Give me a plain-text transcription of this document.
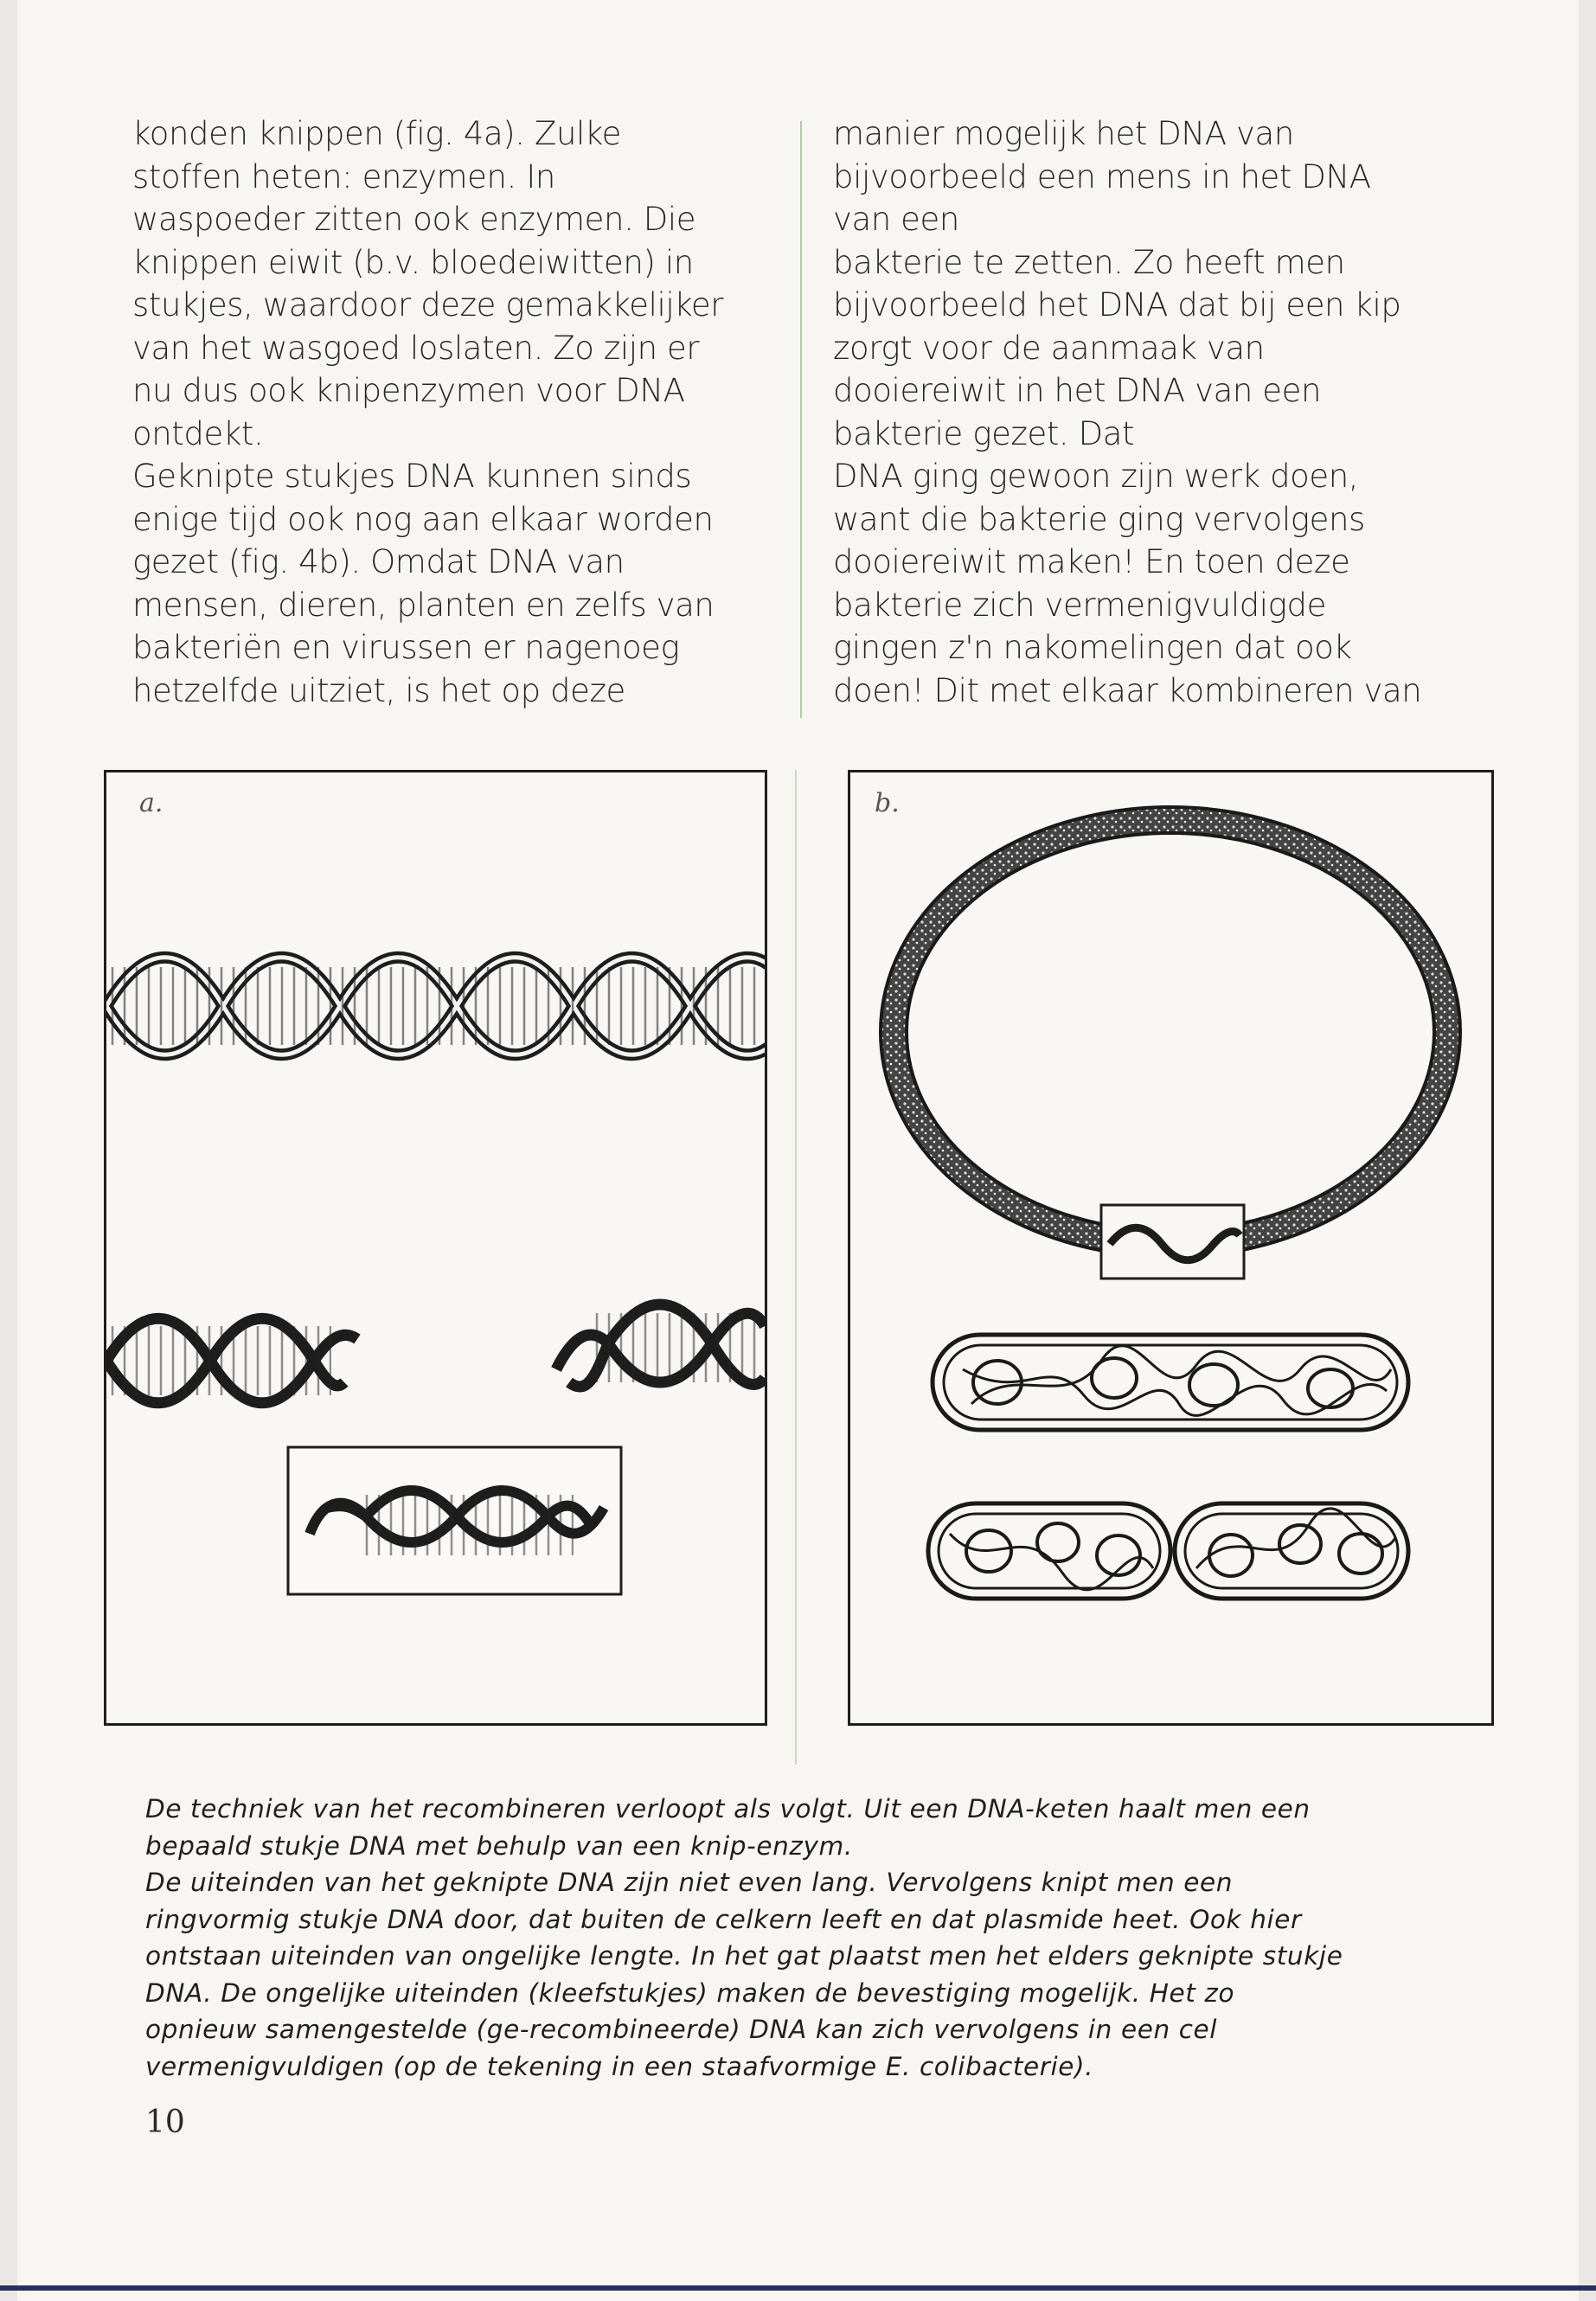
konden knippen (fig. 4a). Zulke

stoffen heten: enzymen. In

waspoeder zitten ook enzymen. Die

knippen eiwit (b.v. bloedeiwitten) in

stukjes, waardoor deze gemakkelijker

van het wasgoed loslaten. Zo zijn er

nu dus ook knipenzymen voor DNA

ontdekt.

Geknipte stukjes DNA kunnen sinds

enige tijd ook nog aan elkaar worden

gezet (fig. 4b). Omdat DNA van

mensen, dieren, planten en zelfs van

bakteriën en virussen er nagenoeg

hetzelfde uitziet, is het op deze

manier mogelijk het DNA van

bijvoorbeeld een mens in het DNA

van een

bakterie te zetten. Zo heeft men

bijvoorbeeld het DNA dat bij een kip

zorgt voor de aanmaak van

dooiereiwit in het DNA van een

bakterie gezet. Dat

DNA ging gewoon zijn werk doen,

want die bakterie ging vervolgens

dooiereiwit maken! En toen deze

bakterie zich vermenigvuldigde

gingen z'n nakomelingen dat ook

doen! Dit met elkaar kombineren van

a.	b.

De techniek van het recombineren verloopt als volgt. Uit een DNA-keten haalt men een

bepaald stukje DNA met behulp van een knip-enzym.

De uiteinden van het geknipte DNA zijn niet even lang. Vervolgens knipt men een

ringvormig stukje DNA door, dat buiten de celkern leeft en dat plasmide heet. Ook hier

ontstaan uiteinden van ongelijke lengte. In het gat plaatst men het elders geknipte stukje

DNA. De ongelijke uiteinden (kleefstukjes) maken de bevestiging mogelijk. Het zo

opnieuw samengestelde (ge-recombineerde) DNA kan zich vervolgens in een cel

vermenigvuldigen (op de tekening in een staafvormige E. colibacterie).

10
